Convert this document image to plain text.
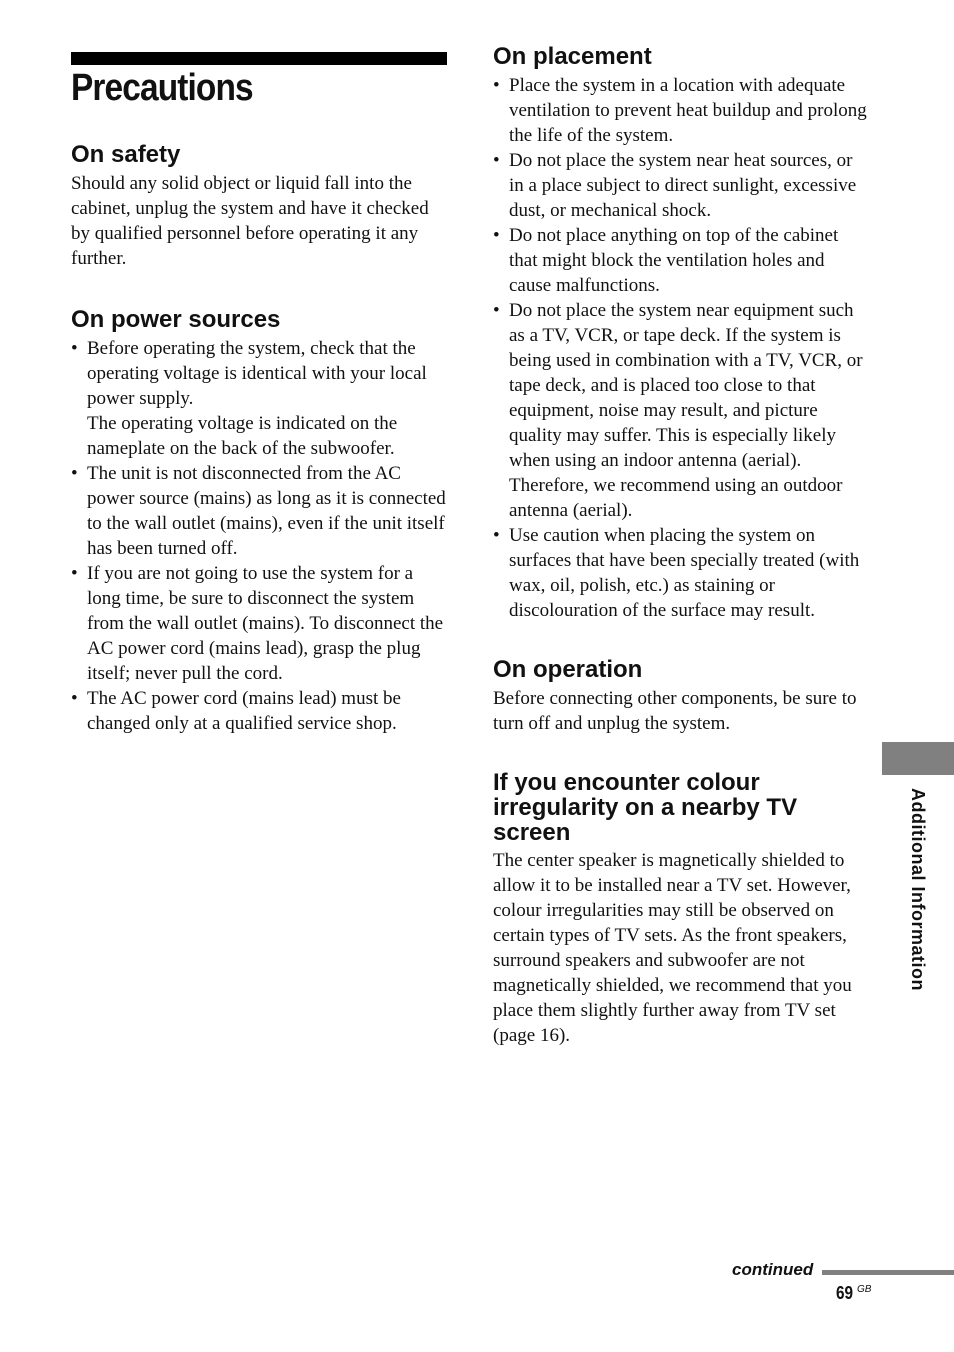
Precautions
On safety

Should any solid object or liquid fall into the cabinet, unplug the system and have it checked by qualified personnel before operating it any further.

On power sources
• Before operating the system, check that the operating voltage is identical with your local power supply.
The operating voltage is indicated on the nameplate on the back of the subwoofer.
• The unit is not disconnected from the AC power source (mains) as long as it is connected to the wall outlet (mains), even if the unit itself has been turned off.
• If you are not going to use the system for a long time, be sure to disconnect the system from the wall outlet (mains). To disconnect the AC power cord (mains lead), grasp the plug itself; never pull the cord.
• The AC power cord (mains lead) must be changed only at a qualified service shop.
On placement
• Place the system in a location with adequate ventilation to prevent heat buildup and prolong the life of the system.
• Do not place the system near heat sources, or in a place subject to direct sunlight, excessive dust, or mechanical shock.
• Do not place anything on top of the cabinet that might block the ventilation holes and cause malfunctions.
• Do not place the system near equipment such as a TV, VCR, or tape deck. If the system is being used in combination with a TV, VCR, or tape deck, and is placed too close to that equipment, noise may result, and picture quality may suffer. This is especially likely when using an indoor antenna (aerial). Therefore, we recommend using an outdoor antenna (aerial).
• Use caution when placing the system on surfaces that have been specially treated (with wax, oil, polish, etc.) as staining or discolouration of the surface may result.
On operation

Before connecting other components, be sure to turn off and unplug the system.

If you encounter colour irregularity on a nearby TV screen

The center speaker is magnetically shielded to allow it to be installed near a TV set. However, colour irregularities may still be observed on certain types of TV sets. As the front speakers, surround speakers and subwoofer are not magnetically shielded, we recommend that you place them slightly further away from TV set (page 16).

Additional Information
continued
69 GB
